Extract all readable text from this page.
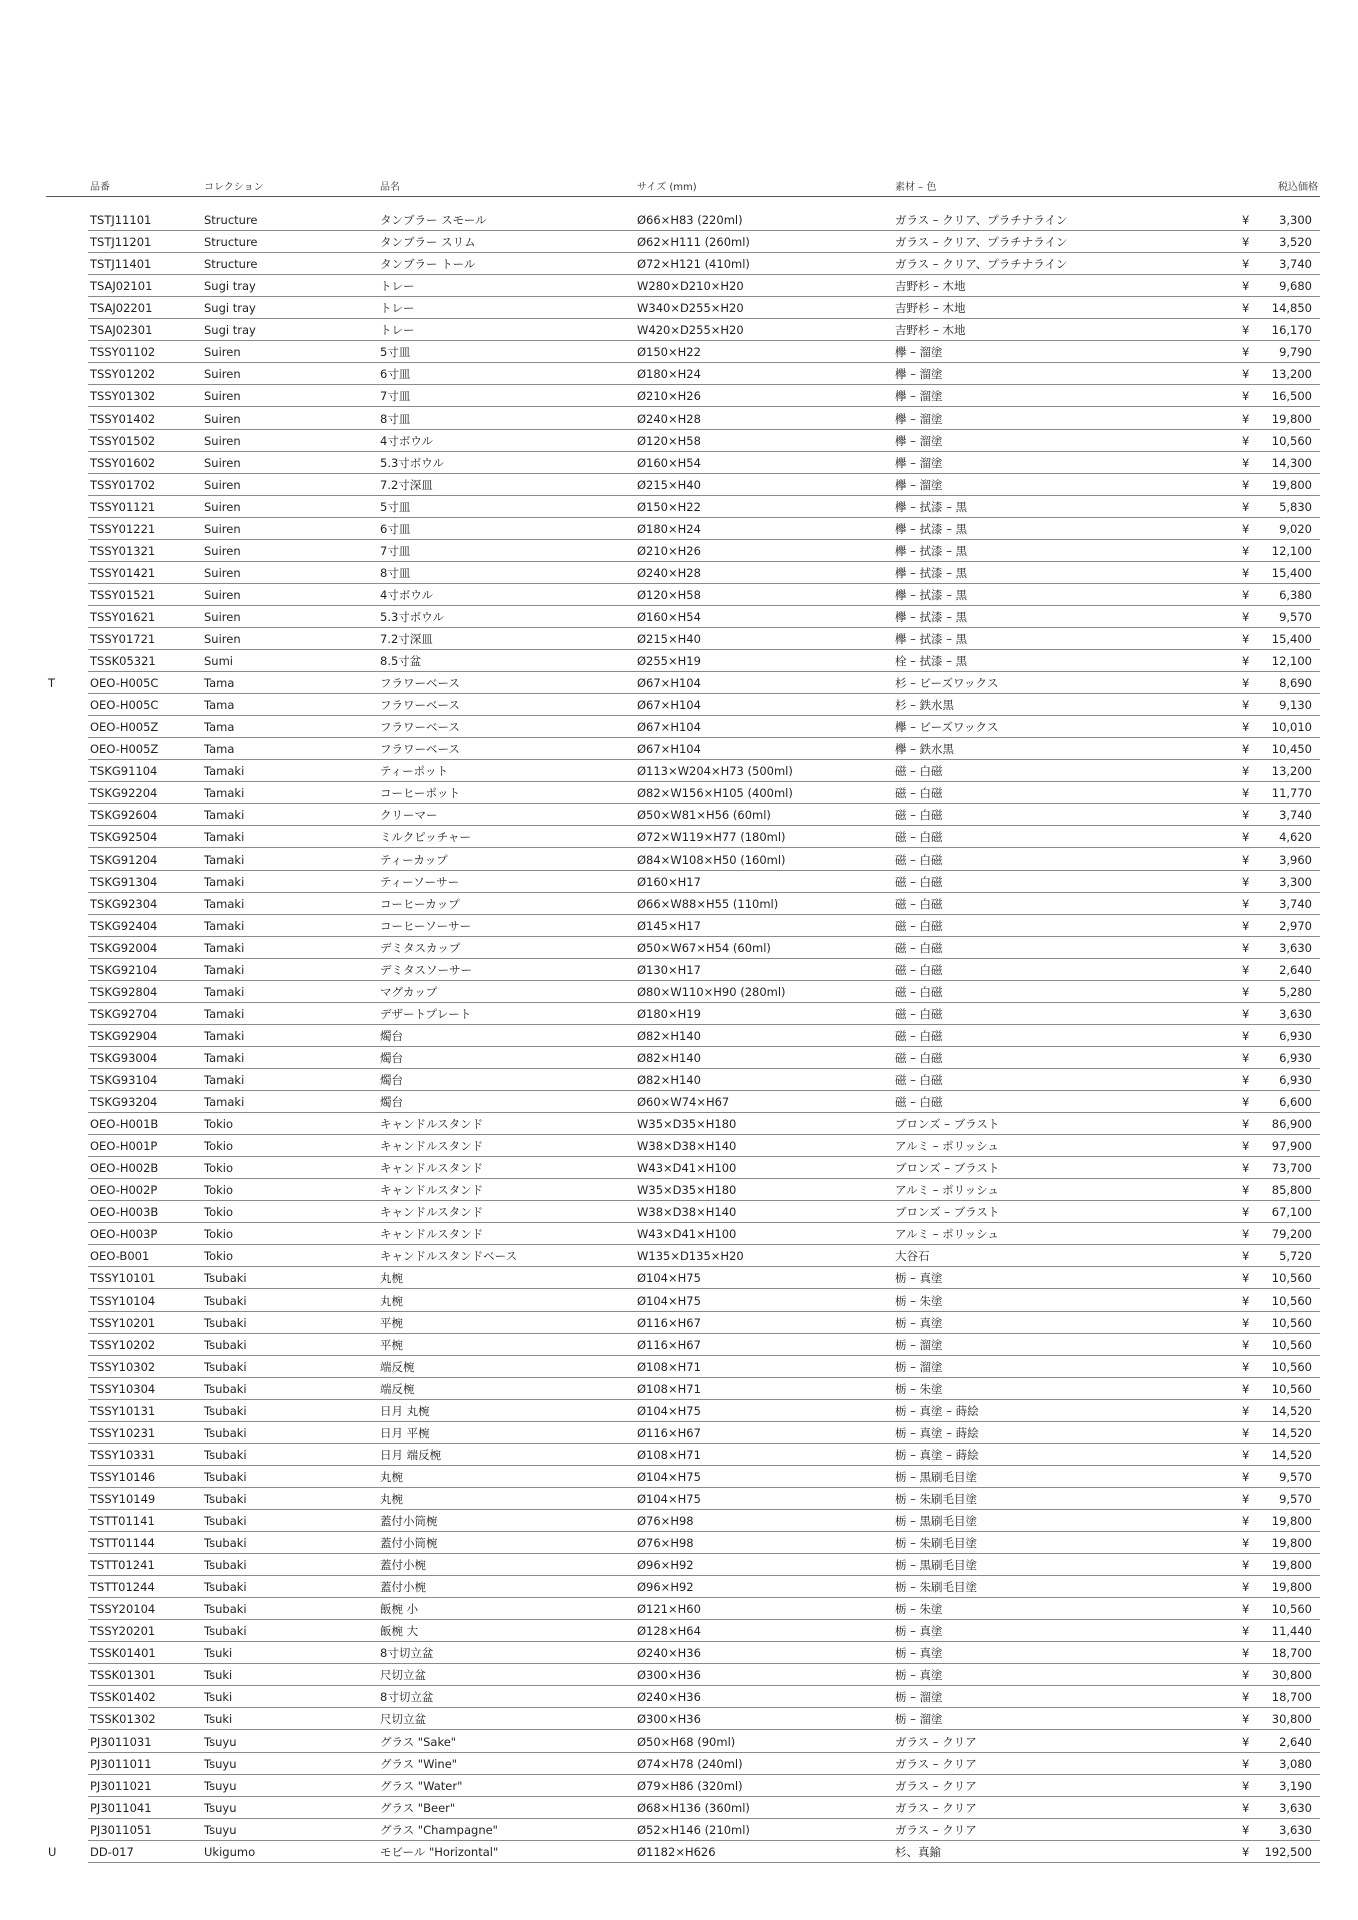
品番	コレクション	品名	サイズ (mm)	素材 – 色	税込価格
TSTJ11101	Structure	タンブラー スモール	Ø66×H83 (220ml)	ガラス – クリア、プラチナライン	¥	3,300
TSTJ11201	Structure	タンブラー スリム	Ø62×H111 (260ml)	ガラス – クリア、プラチナライン	¥	3,520
TSTJ11401	Structure	タンブラー トール	Ø72×H121 (410ml)	ガラス – クリア、プラチナライン	¥	3,740
TSAJ02101	Sugi tray	トレー	W280×D210×H20	吉野杉 – 木地	¥	9,680
TSAJ02201	Sugi tray	トレー	W340×D255×H20	吉野杉 – 木地	¥ 14,850
TSAJ02301	Sugi tray	トレー	W420×D255×H20	吉野杉 – 木地	¥ 16,170
TSSY01102	Suiren	5寸皿	Ø150×H22	欅 – 溜塗	¥	9,790
TSSY01202	Suiren	6寸皿	Ø180×H24	欅 – 溜塗	¥ 13,200
TSSY01302	Suiren	7寸皿	Ø210×H26	欅 – 溜塗	¥ 16,500
TSSY01402	Suiren	8寸皿	Ø240×H28	欅 – 溜塗	¥ 19,800
TSSY01502	Suiren	4寸ボウル	Ø120×H58	欅 – 溜塗	¥ 10,560
TSSY01602	Suiren	5.3寸ボウル	Ø160×H54	欅 – 溜塗	¥ 14,300
TSSY01702	Suiren	7.2寸深皿	Ø215×H40	欅 – 溜塗	¥ 19,800
TSSY01121	Suiren	5寸皿	Ø150×H22	欅 – 拭漆 – 黒	¥	5,830
TSSY01221	Suiren	6寸皿	Ø180×H24	欅 – 拭漆 – 黒	¥	9,020
TSSY01321	Suiren	7寸皿	Ø210×H26	欅 – 拭漆 – 黒	¥ 12,100
TSSY01421	Suiren	8寸皿	Ø240×H28	欅 – 拭漆 – 黒	¥ 15,400
TSSY01521	Suiren	4寸ボウル	Ø120×H58	欅 – 拭漆 – 黒	¥	6,380
TSSY01621	Suiren	5.3寸ボウル	Ø160×H54	欅 – 拭漆 – 黒	¥	9,570
TSSY01721	Suiren	7.2寸深皿	Ø215×H40	欅 – 拭漆 – 黒	¥ 15,400
TSSK05321	Sumi	8.5寸盆	Ø255×H19	栓 – 拭漆 – 黒	¥ 12,100
T	OEO-H005C	Tama	フラワーベース	Ø67×H104	杉 – ビーズワックス	¥	8,690
OEO-H005C	Tama	フラワーベース	Ø67×H104	杉 – 鉄水黒	¥	9,130
OEO-H005Z	Tama	フラワーベース	Ø67×H104	欅 – ビーズワックス	¥ 10,010
OEO-H005Z	Tama	フラワーベース	Ø67×H104	欅 – 鉄水黒	¥ 10,450
TSKG91104	Tamaki	ティーポット	Ø113×W204×H73 (500ml)	磁 – 白磁	¥ 13,200
TSKG92204	Tamaki	コーヒーポット	Ø82×W156×H105 (400ml)	磁 – 白磁	¥ 11,770
TSKG92604	Tamaki	クリーマー	Ø50×W81×H56 (60ml)	磁 – 白磁	¥	3,740
TSKG92504	Tamaki	ミルクピッチャー	Ø72×W119×H77 (180ml)	磁 – 白磁	¥	4,620
TSKG91204	Tamaki	ティーカップ	Ø84×W108×H50 (160ml)	磁 – 白磁	¥	3,960
TSKG91304	Tamaki	ティーソーサー	Ø160×H17	磁 – 白磁	¥	3,300
TSKG92304	Tamaki	コーヒーカップ	Ø66×W88×H55 (110ml)	磁 – 白磁	¥	3,740
TSKG92404	Tamaki	コーヒーソーサー	Ø145×H17	磁 – 白磁	¥	2,970
TSKG92004	Tamaki	デミタスカップ	Ø50×W67×H54 (60ml)	磁 – 白磁	¥	3,630
TSKG92104	Tamaki	デミタスソーサー	Ø130×H17	磁 – 白磁	¥	2,640
TSKG92804	Tamaki	マグカップ	Ø80×W110×H90 (280ml)	磁 – 白磁	¥	5,280
TSKG92704	Tamaki	デザートプレート	Ø180×H19	磁 – 白磁	¥	3,630
TSKG92904	Tamaki	燭台	Ø82×H140	磁 – 白磁	¥	6,930
TSKG93004	Tamaki	燭台	Ø82×H140	磁 – 白磁	¥	6,930
TSKG93104	Tamaki	燭台	Ø82×H140	磁 – 白磁	¥	6,930
TSKG93204	Tamaki	燭台	Ø60×W74×H67	磁 – 白磁	¥	6,600
OEO-H001B	Tokio	キャンドルスタンド	W35×D35×H180	ブロンズ – ブラスト	¥ 86,900
OEO-H001P	Tokio	キャンドルスタンド	W38×D38×H140	アルミ – ポリッシュ	¥ 97,900
OEO-H002B	Tokio	キャンドルスタンド	W43×D41×H100	ブロンズ – ブラスト	¥ 73,700
OEO-H002P	Tokio	キャンドルスタンド	W35×D35×H180	アルミ – ポリッシュ	¥ 85,800
OEO-H003B	Tokio	キャンドルスタンド	W38×D38×H140	ブロンズ – ブラスト	¥ 67,100
OEO-H003P	Tokio	キャンドルスタンド	W43×D41×H100	アルミ – ポリッシュ	¥ 79,200
OEO-B001	Tokio	キャンドルスタンドベース	W135×D135×H20	大谷石	¥	5,720
TSSY10101	Tsubaki	丸椀	Ø104×H75	栃 – 真塗	¥ 10,560
TSSY10104	Tsubaki	丸椀	Ø104×H75	栃 – 朱塗	¥ 10,560
TSSY10201	Tsubaki	平椀	Ø116×H67	栃 – 真塗	¥ 10,560
TSSY10202	Tsubaki	平椀	Ø116×H67	栃 – 溜塗	¥ 10,560
TSSY10302	Tsubaki	端反椀	Ø108×H71	栃 – 溜塗	¥ 10,560
TSSY10304	Tsubaki	端反椀	Ø108×H71	栃 – 朱塗	¥ 10,560
TSSY10131	Tsubaki	日月 丸椀	Ø104×H75	栃 – 真塗 – 蒔絵	¥ 14,520
TSSY10231	Tsubaki	日月 平椀	Ø116×H67	栃 – 真塗 – 蒔絵	¥ 14,520
TSSY10331	Tsubaki	日月 端反椀	Ø108×H71	栃 – 真塗 – 蒔絵	¥ 14,520
TSSY10146	Tsubaki	丸椀	Ø104×H75	栃 – 黒刷毛目塗	¥	9,570
TSSY10149	Tsubaki	丸椀	Ø104×H75	栃 – 朱刷毛目塗	¥	9,570
TSTT01141	Tsubaki	蓋付小筒椀	Ø76×H98	栃 – 黒刷毛目塗	¥ 19,800
TSTT01144	Tsubaki	蓋付小筒椀	Ø76×H98	栃 – 朱刷毛目塗	¥ 19,800
TSTT01241	Tsubaki	蓋付小椀	Ø96×H92	栃 – 黒刷毛目塗	¥ 19,800
TSTT01244	Tsubaki	蓋付小椀	Ø96×H92	栃 – 朱刷毛目塗	¥ 19,800
TSSY20104	Tsubaki	飯椀 小	Ø121×H60	栃 – 朱塗	¥ 10,560
TSSY20201	Tsubaki	飯椀 大	Ø128×H64	栃 – 真塗	¥ 11,440
TSSK01401	Tsuki	8寸切立盆	Ø240×H36	栃 – 真塗	¥ 18,700
TSSK01301	Tsuki	尺切立盆	Ø300×H36	栃 – 真塗	¥ 30,800
TSSK01402	Tsuki	8寸切立盆	Ø240×H36	栃 – 溜塗	¥ 18,700
TSSK01302	Tsuki	尺切立盆	Ø300×H36	栃 – 溜塗	¥ 30,800
PJ3011031	Tsuyu	グラス "Sake"	Ø50×H68 (90ml)	ガラス – クリア	¥	2,640
PJ3011011	Tsuyu	グラス "Wine"	Ø74×H78 (240ml)	ガラス – クリア	¥	3,080
PJ3011021	Tsuyu	グラス "Water"	Ø79×H86 (320ml)	ガラス – クリア	¥	3,190
PJ3011041	Tsuyu	グラス "Beer"	Ø68×H136 (360ml)	ガラス – クリア	¥	3,630
PJ3011051	Tsuyu	グラス "Champagne"	Ø52×H146 (210ml)	ガラス – クリア	¥	3,630
U	DD-017	Ukigumo	モビール "Horizontal"	Ø1182×H626	杉、真鍮	¥ 192,500
